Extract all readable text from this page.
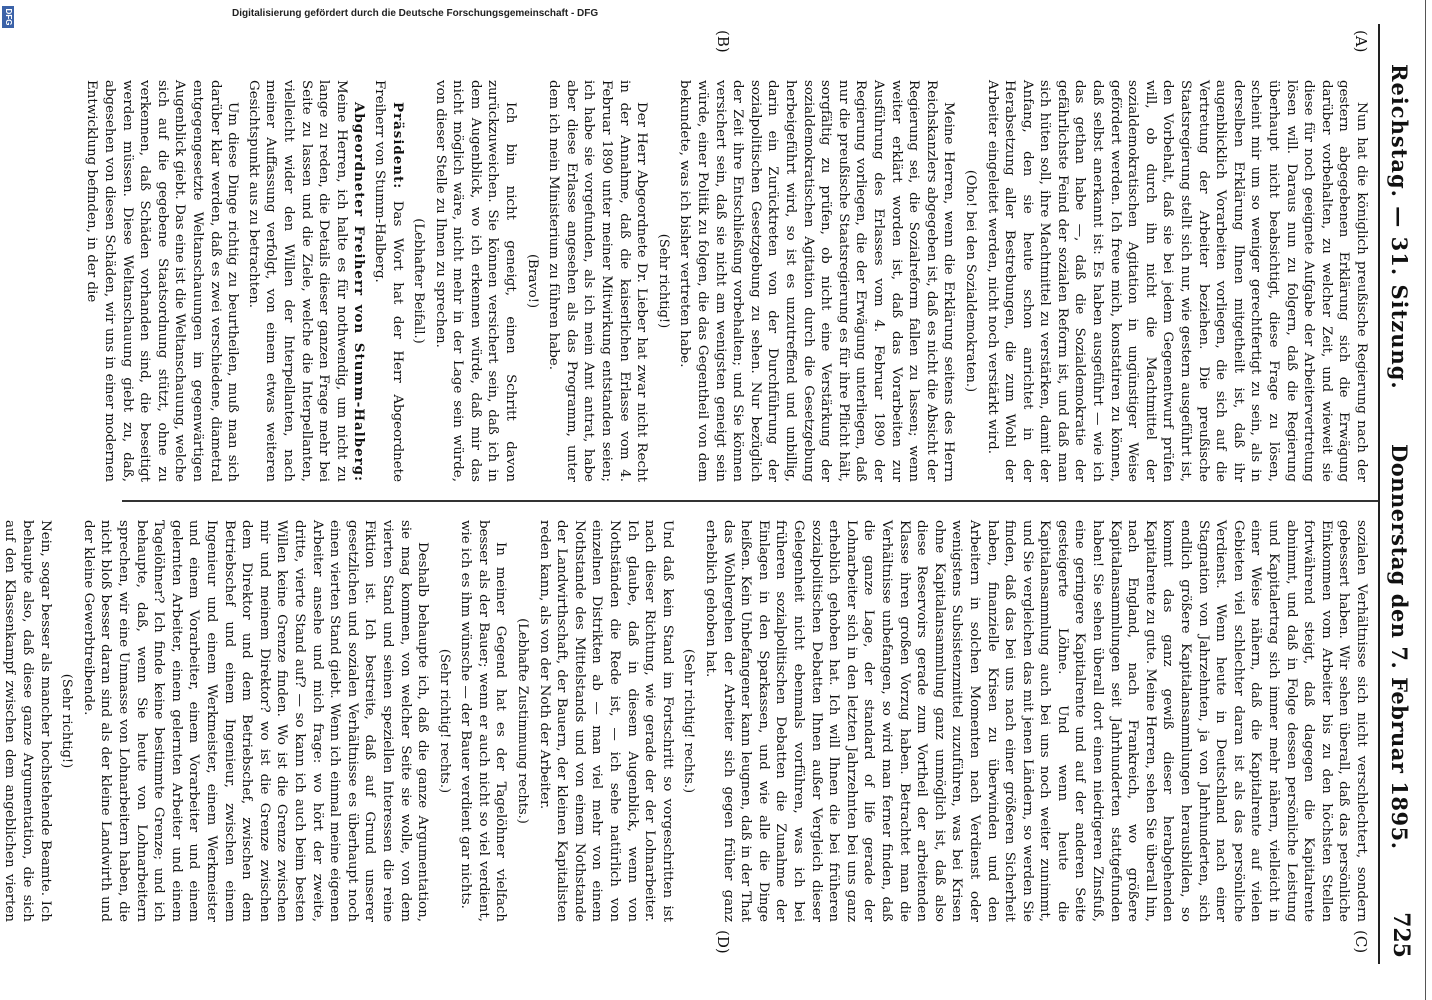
Reichstag. — 31. Sitzung.
Donnerstag den 7. Februar 1895.
725
(A)
(B)
(C)
(D)

Nun hat die königlich preußische Regierung nach der gestern abgegebenen Erklärung sich die Erwägung darüber vorbehalten, zu welcher Zeit, und wieweit sie diese für noch geeignete Aufgabe der Arbeitervertretung lösen will. Daraus nun zu folgern, daß die Regierung überhaupt nicht beabsichtigt, diese Frage zu lösen, scheint mir um so weniger gerechtfertigt zu sein, als in derselben Erklärung Ihnen mitgetheilt ist, daß ihr augenblicklich Vorarbeiten vorliegen, die sich auf die Vertretung der Arbeiter beziehen. Die preußische Staatsregierung stellt sich nur, wie gestern ausgeführt ist, den Vorbehalt, daß sie bei jedem Gegenentwurf prüfen will, ob durch ihn nicht die Machtmittel der sozialdemokratischen Agitation in ungünstiger Weise gefördert werden. Ich freue mich, konstatiren zu können, daß selbst anerkannt ist: Es haben ausgeführt — wie ich das gethan habe —, daß die Sozialdemokratie der gefährlichste Feind der sozialen Reform ist, und daß man sich hüten soll, ihre Machtmittel zu verstärken, damit der Anfang, den sie heute schon anrichtet in der Herabsetzung aller Bestrebungen, die zum Wohl der Arbeiter eingeleitet werden, nicht noch verstärkt wird.

(Oho! bei den Sozialdemokraten.)

Meine Herren, wenn die Erklärung seitens des Herrn Reichskanzlers abgegeben ist, daß es nicht die Absicht der Regierung sei, die Sozialreform fallen zu lassen; wenn weiter erklärt worden ist, daß das Vorarbeiten zur Ausführung des Erlasses vom 4. Februar 1890 der Regierung vorliegen, die der Erwägung unterliegen, daß nur die preußische Staatsregierung es für ihre Pflicht hält, sorgfältig zu prüfen, ob nicht eine Verstärkung der sozialdemokratischen Agitation durch die Gesetzgebung herbeigeführt wird, so ist es unzutreffend und unbillig, darin ein Zurücktreten von der Durchführung der sozialpolitischen Gesetzgebung zu sehen. Nur bezüglich der Zeit ihre Entschließung vorbehalten; und Sie können versichert sein, daß sie nicht am wenigsten geneigt sein würde, einer Politik zu folgen, die das Gegentheil von dem bekundete, was ich bisher vertreten habe.

(Sehr richtig!)

Der Herr Abgeordnete Dr. Lieber hat zwar nicht Recht in der Annahme, daß die kaiserlichen Erlasse vom 4. Februar 1890 unter meiner Mitwirkung entstanden seien; ich habe sie vorgefunden, als ich mein Amt antrat, habe aber diese Erlasse angesehen als das Programm, unter dem ich mein Ministerium zu führen habe.

(Bravo!)

Ich bin nicht geneigt, einen Schritt davon zurückzuweichen. Sie können versichert sein, daß ich in dem Augenblick, wo ich erkennen würde, daß mir das nicht möglich wäre, nicht mehr in der Lage sein würde, von dieser Stelle zu Ihnen zu sprechen.

(Lebhafter Beifall.)

Präsident: Das Wort hat der Herr Abgeordnete Freiherr von Stumm-Halberg.

Abgeordneter Freiherr von Stumm-Halberg: Meine Herren, ich halte es für nothwendig, um nicht zu lange zu reden, die Details dieser ganzen Frage mehr bei Seite zu lassen und die Ziele, welche die Interpellanten, vielleicht wider den Willen der Interpellanten, nach meiner Auffassung verfolgt, von einem etwas weiteren Gesichtspunkt aus zu betrachten.

Um diese Dinge richtig zu beurtheilen, muß man sich darüber klar werden, daß es zwei verschiedene, diametral entgegengesetzte Weltanschauungen im gegenwärtigen Augenblick giebt. Das eine ist die Weltanschauung, welche sich auf die gegebene Staatsordnung stützt, ohne zu verkennen, daß Schäden vorhanden sind, die beseitigt werden müssen. Diese Weltanschauung giebt zu, daß, abgesehen von diesen Schäden, wir uns in einer modernen Entwicklung befinden, in der die

sozialen Verhältnisse sich nicht verschlechtert, sondern gebessert haben. Wir sehen überall, daß das persönliche Einkommen vom Arbeiter bis zu den höchsten Stellen fortwährend steigt, daß dagegen die Kapitalrente abnimmt, und daß in Folge dessen persönliche Leistung und Kapitalertrag sich immer mehr nähern, vielleicht in einer Weise nähern, daß die Kapitalrente auf vielen Gebieten viel schlechter daran ist als das persönliche Verdienst. Wenn heute in Deutschland nach einer Stagnation von Jahrzehnten, ja von Jahrhunderten, sich endlich größere Kapitalansammlungen herausbilden, so kommt das ganz gewiß dieser herabgehenden Kapitalrente zu gute. Meine Herren, sehen Sie überall hin, nach England, nach Frankreich, wo größere Kapitalansammlungen seit Jahrhunderten stattgefunden haben! Sie sehen überall dort einen niedrigeren Zinsfuß, eine geringere Kapitalrente und auf der anderen Seite gesteigerte Löhne. Und wenn heute die Kapitalansammlung auch bei uns noch weiter zunimmt, und Sie vergleichen das mit jenen Ländern, so werden Sie finden, daß das bei uns nach einer größeren Sicherheit haben, finanzielle Krisen zu überwinden und den Arbeitern in solchen Momenten nach Verdienst oder wenigstens Subsistenzmittel zuzuführen, was bei Krisen ohne Kapitalansammlung ganz unmöglich ist, daß also diese Reservoirs gerade zum Vortheil der arbeitenden Klasse ihren großen Vorzug haben. Betrachtet man die Verhältnisse unbefangen, so wird man ferner finden, daß die ganze Lage, der standard of life gerade der Lohnarbeiter sich in den letzten Jahrzehnten bei uns ganz erheblich gehoben hat. Ich will Ihnen die bei früheren sozialpolitischen Debatten Ihnen außer Vergleich dieser Gelegenheit nicht ebenmals vorführen, was ich bei früheren sozialpolitischen Debatten die Zunahme der Einlagen in den Sparkassen, und wie alle die Dinge heißen. Kein Unbefangener kann leugnen, daß in der That das Wohlergehen der Arbeiter sich gegen früher ganz erheblich gehoben hat.

(Sehr richtig! rechts.)

Und daß kein Stand im Fortschritt so vorgeschritten ist nach dieser Richtung, wie gerade der der Lohnarbeiter. Ich glaube, daß in diesem Augenblick, wenn von Nothständen die Rede ist, — ich sehe natürlich von einzelnen Distrikten ab — man viel mehr von einem Nothstande des Mittelstands und von einem Nothstande der Landwirthschaft, der Bauern, der kleinen Kapitalisten reden kann, als von der Noth der Arbeiter.

(Lebhafte Zustimmung rechts.)

In meiner Gegend hat es der Tagelöhner vielfach besser als der Bauer; wenn er auch nicht so viel verdient, wie ich es ihm wünsche — der Bauer verdient gar nichts.

(Sehr richtig! rechts.)

Deshalb behaupte ich, daß die ganze Argumentation, sie mag kommen, von welcher Seite sie wolle, von dem vierten Stand und seinen speziellen Interessen die reine Fiktion ist. Ich bestreite, daß auf Grund unserer gesetzlichen und sozialen Verhältnisse es überhaupt noch einen vierten Stand giebt. Wenn ich einmal meine eigenen Arbeiter ansehe und mich frage: wo hört der zweite, dritte, vierte Stand auf? — so kann ich auch beim besten Willen keine Grenze finden. Wo ist die Grenze zwischen mir und meinem Direktor? wo ist die Grenze zwischen dem Direktor und dem Betriebschef, zwischen dem Betriebschef und einem Ingenieur, zwischen einem Ingenieur und einem Werkmeister, einem Werkmeister und einem Vorarbeiter, einem Vorarbeiter und einem gelernten Arbeiter, einem gelernten Arbeiter und einem Tagelöhner? Ich finde keine bestimmte Grenze; und ich behaupte, daß, wenn Sie heute von Lohnarbeitern sprechen, wir eine Unmasse von Lohnarbeitern haben, die nicht bloß besser daran sind als der kleine Landwirth und der kleine Gewerbtreibende.

(Sehr richtig!)

Nein, sogar besser als mancher hochstehende Beamte. Ich behaupte also, daß diese ganze Argumentation, die sich auf den Klassenkampf zwischen dem angeblichen vierten

Digitalisierung gefördert durch die Deutsche Forschungsgemeinschaft - DFG
DFG
